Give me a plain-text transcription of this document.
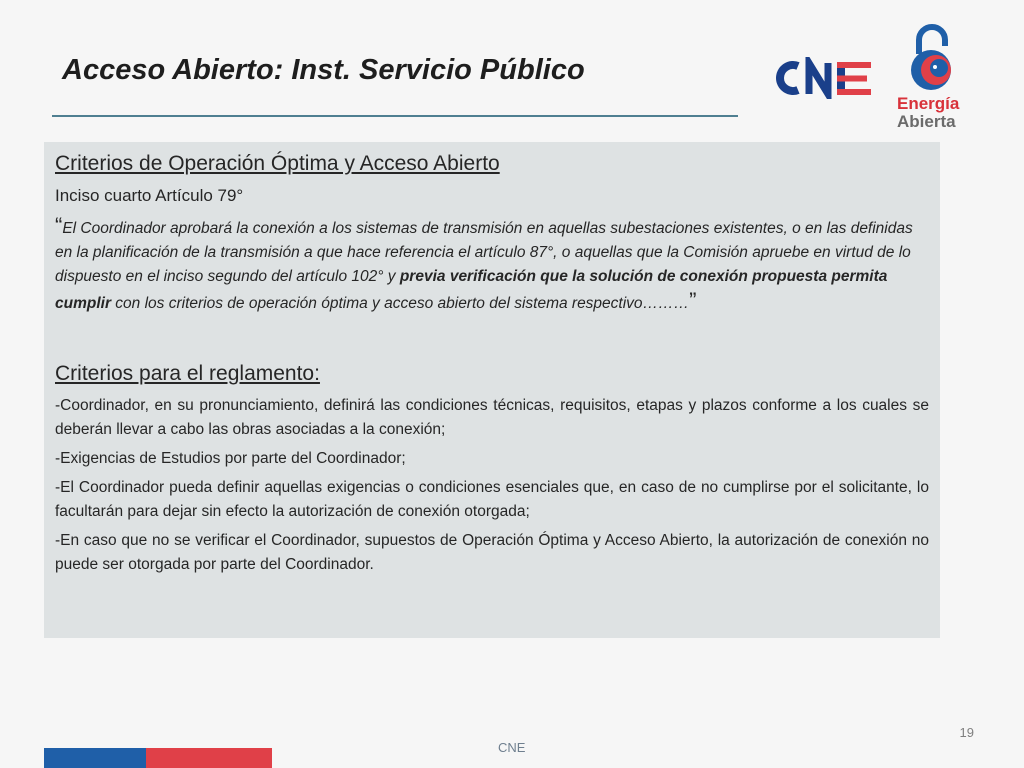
Acceso Abierto: Inst. Servicio Público
Energía
Abierta
Criterios de Operación Óptima y Acceso Abierto

Inciso cuarto Artículo 79°

“El Coordinador aprobará la conexión a los sistemas de transmisión en aquellas subestaciones existentes, o en las definidas en la planificación de la transmisión a que hace referencia el artículo 87°, o aquellas que la Comisión apruebe en virtud de lo dispuesto en el inciso segundo del artículo 102° y previa verificación que la solución de conexión propuesta permita cumplir con los criterios de operación óptima y acceso abierto del sistema respectivo………”

Criterios para el reglamento:

-Coordinador, en su pronunciamiento, definirá las condiciones técnicas, requisitos, etapas y plazos conforme a los cuales se deberán llevar a cabo las obras asociadas a la conexión;

-Exigencias de Estudios por parte del Coordinador;

-El Coordinador pueda definir aquellas exigencias o condiciones esenciales que, en caso de no cumplirse por el solicitante, lo facultarán para dejar sin efecto la autorización de conexión otorgada;

-En caso que no se verificar el Coordinador, supuestos de Operación Óptima y Acceso Abierto, la autorización de conexión no puede ser otorgada por parte del Coordinador.

19
CNE
